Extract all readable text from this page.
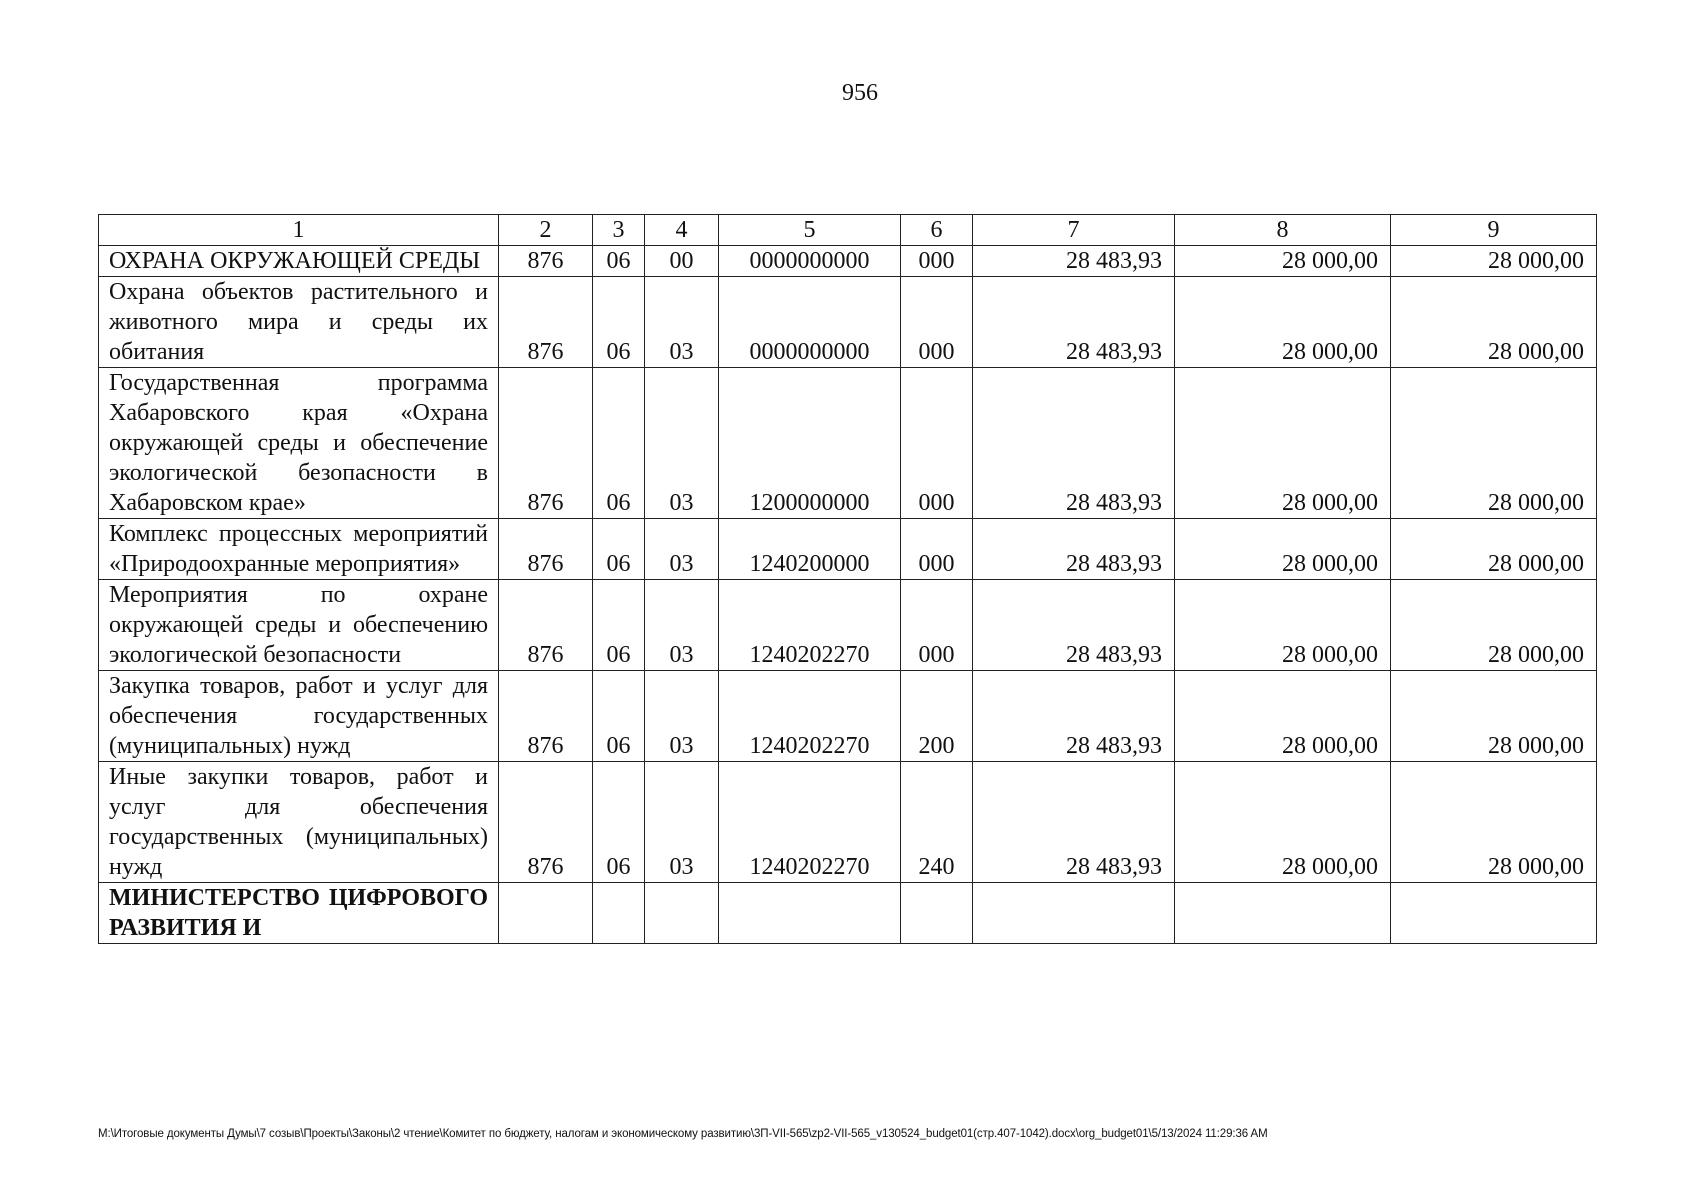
956
1	2	3	4	5	6	7	8	9
ОХРАНА ОКРУЖАЮЩЕЙ СРЕДЫ	876	06	00	0000000000	000	28 483,93	28 000,00	28 000,00
Охрана объектов растительного и животного мира и среды их обитания	876	06	03	0000000000	000	28 483,93	28 000,00	28 000,00
Государственная программа Хабаровского края «Охрана окружающей среды и обеспечение экологической безопасности в Хабаровском крае»	876	06	03	1200000000	000	28 483,93	28 000,00	28 000,00
Комплекс процессных мероприятий «Природоохранные мероприятия»	876	06	03	1240200000	000	28 483,93	28 000,00	28 000,00
Мероприятия по охране окружающей среды и обеспечению экологической безопасности	876	06	03	1240202270	000	28 483,93	28 000,00	28 000,00
Закупка товаров, работ и услуг для обеспечения государственных (муниципальных) нужд	876	06	03	1240202270	200	28 483,93	28 000,00	28 000,00
Иные закупки товаров, работ и услуг для обеспечения государственных (муниципальных) нужд	876	06	03	1240202270	240	28 483,93	28 000,00	28 000,00
МИНИСТЕРСТВО ЦИФРОВОГО РАЗВИТИЯ И								
M:\Итоговые документы Думы\7 созыв\Проекты\Законы\2 чтение\Комитет по бюджету, налогам и экономическому развитию\3П-VII-565\zp2-VII-565_v130524_budget01(стр.407-1042).docx\org_budget01\5/13/2024 11:29:36 AM
